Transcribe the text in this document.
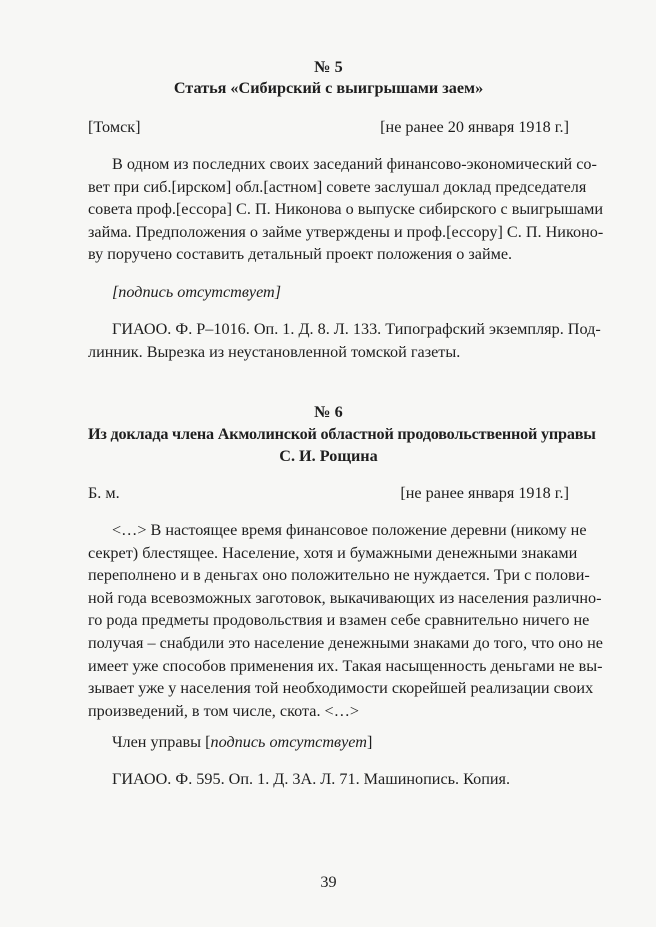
№ 5
Статья «Сибирский с выигрышами заем»
[Томск]	[не ранее 20 января 1918 г.]
В одном из последних своих заседаний финансово-экономический со-
вет при сиб.[ирском] обл.[астном] совете заслушал доклад председателя
совета проф.[ессора] С. П. Никонова о выпуске сибирского с выигрышами
займа. Предположения о займе утверждены и проф.[ессору] С. П. Никоно-
ву поручено составить детальный проект положения о займе.
[подпись отсутствует]
ГИАОО. Ф. Р–1016. Оп. 1. Д. 8. Л. 133. Типографский экземпляр. Под-
линник. Вырезка из неустановленной томской газеты.
№ 6
Из доклада члена Акмолинской областной продовольственной управы
С. И. Рощина
Б. м.	[не ранее января 1918 г.]
<…> В настоящее время финансовое положение деревни (никому не
секрет) блестящее. Население, хотя и бумажными денежными знаками
переполнено и в деньгах оно положительно не нуждается. Три с полови-
ной года всевозможных заготовок, выкачивающих из населения различно-
го рода предметы продовольствия и взамен себе сравнительно ничего не
получая – снабдили это население денежными знаками до того, что оно не
имеет уже способов применения их. Такая насыщенность деньгами не вы-
зывает уже у населения той необходимости скорейшей реализации своих
произведений, в том числе, скота. <…>
Член управы [подпись отсутствует]
ГИАОО. Ф. 595. Оп. 1. Д. 3А. Л. 71. Машинопись. Копия.
39
